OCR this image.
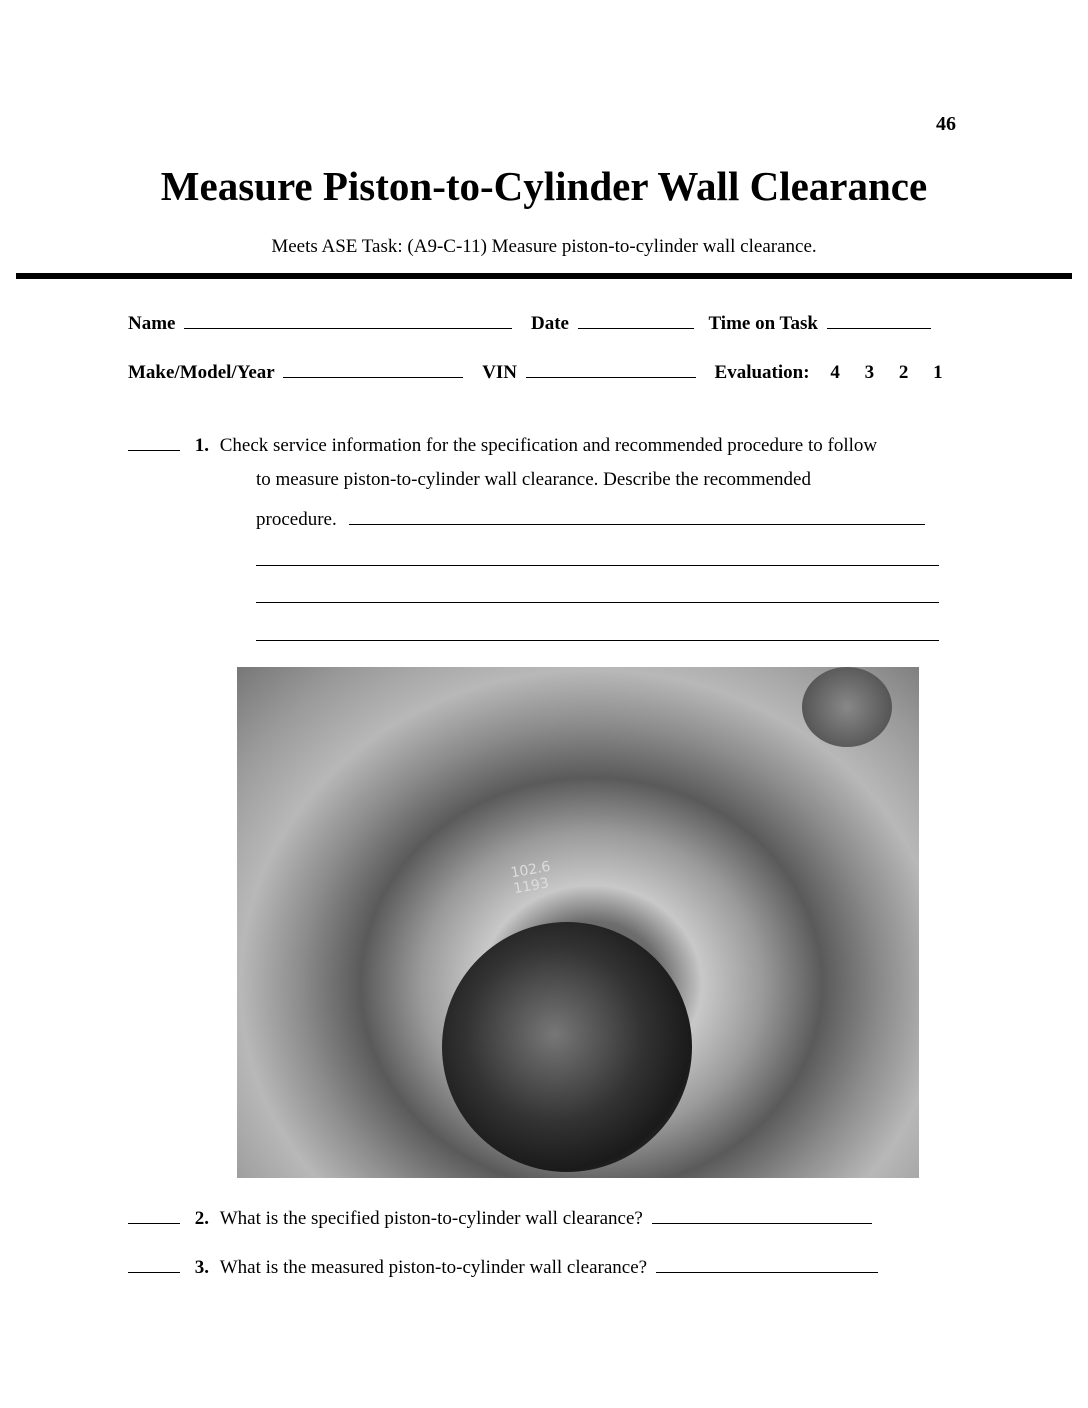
46
Measure Piston-to-Cylinder Wall Clearance
Meets ASE Task: (A9-C-11) Measure piston-to-cylinder wall clearance.
Name	Date	Time on Task
Make/Model/Year	VIN	Evaluation: 4 3 2 1
1. Check service information for the specification and recommended procedure to follow
to measure piston-to-cylinder wall clearance. Describe the recommended
procedure.
102.6
1193
2. What is the specified piston-to-cylinder wall clearance?
3. What is the measured piston-to-cylinder wall clearance?
